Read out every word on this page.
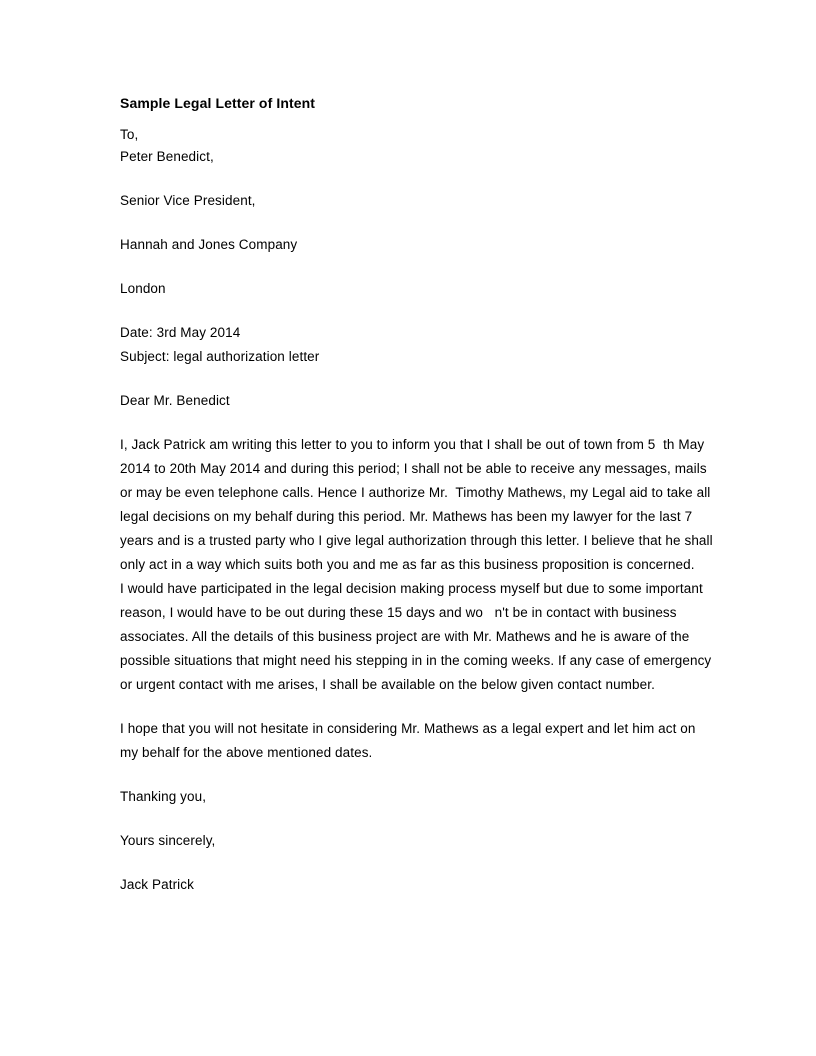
Sample Legal Letter of Intent
To,
Peter Benedict,
Senior Vice President,
Hannah and Jones Company
London
Date: 3rd May 2014
Subject: legal authorization letter
Dear Mr. Benedict
I, Jack Patrick am writing this letter to you to inform you that I shall be out of town from 5  th May
2014 to 20th May 2014 and during this period; I shall not be able to receive any messages, mails
or may be even telephone calls. Hence I authorize Mr.  Timothy Mathews, my Legal aid to take all
legal decisions on my behalf during this period. Mr. Mathews has been my lawyer for the last 7
years and is a trusted party who I give legal authorization through this letter. I believe that he shall
only act in a way which suits both you and me as far as this business proposition is concerned.
I would have participated in the legal decision making process myself but due to some important
reason, I would have to be out during these 15 days and wo   n't be in contact with business
associates. All the details of this business project are with Mr. Mathews and he is aware of the
possible situations that might need his stepping in in the coming weeks. If any case of emergency
or urgent contact with me arises, I shall be available on the below given contact number.
I hope that you will not hesitate in considering Mr. Mathews as a legal expert and let him act on
my behalf for the above mentioned dates.
Thanking you,
Yours sincerely,
Jack Patrick
